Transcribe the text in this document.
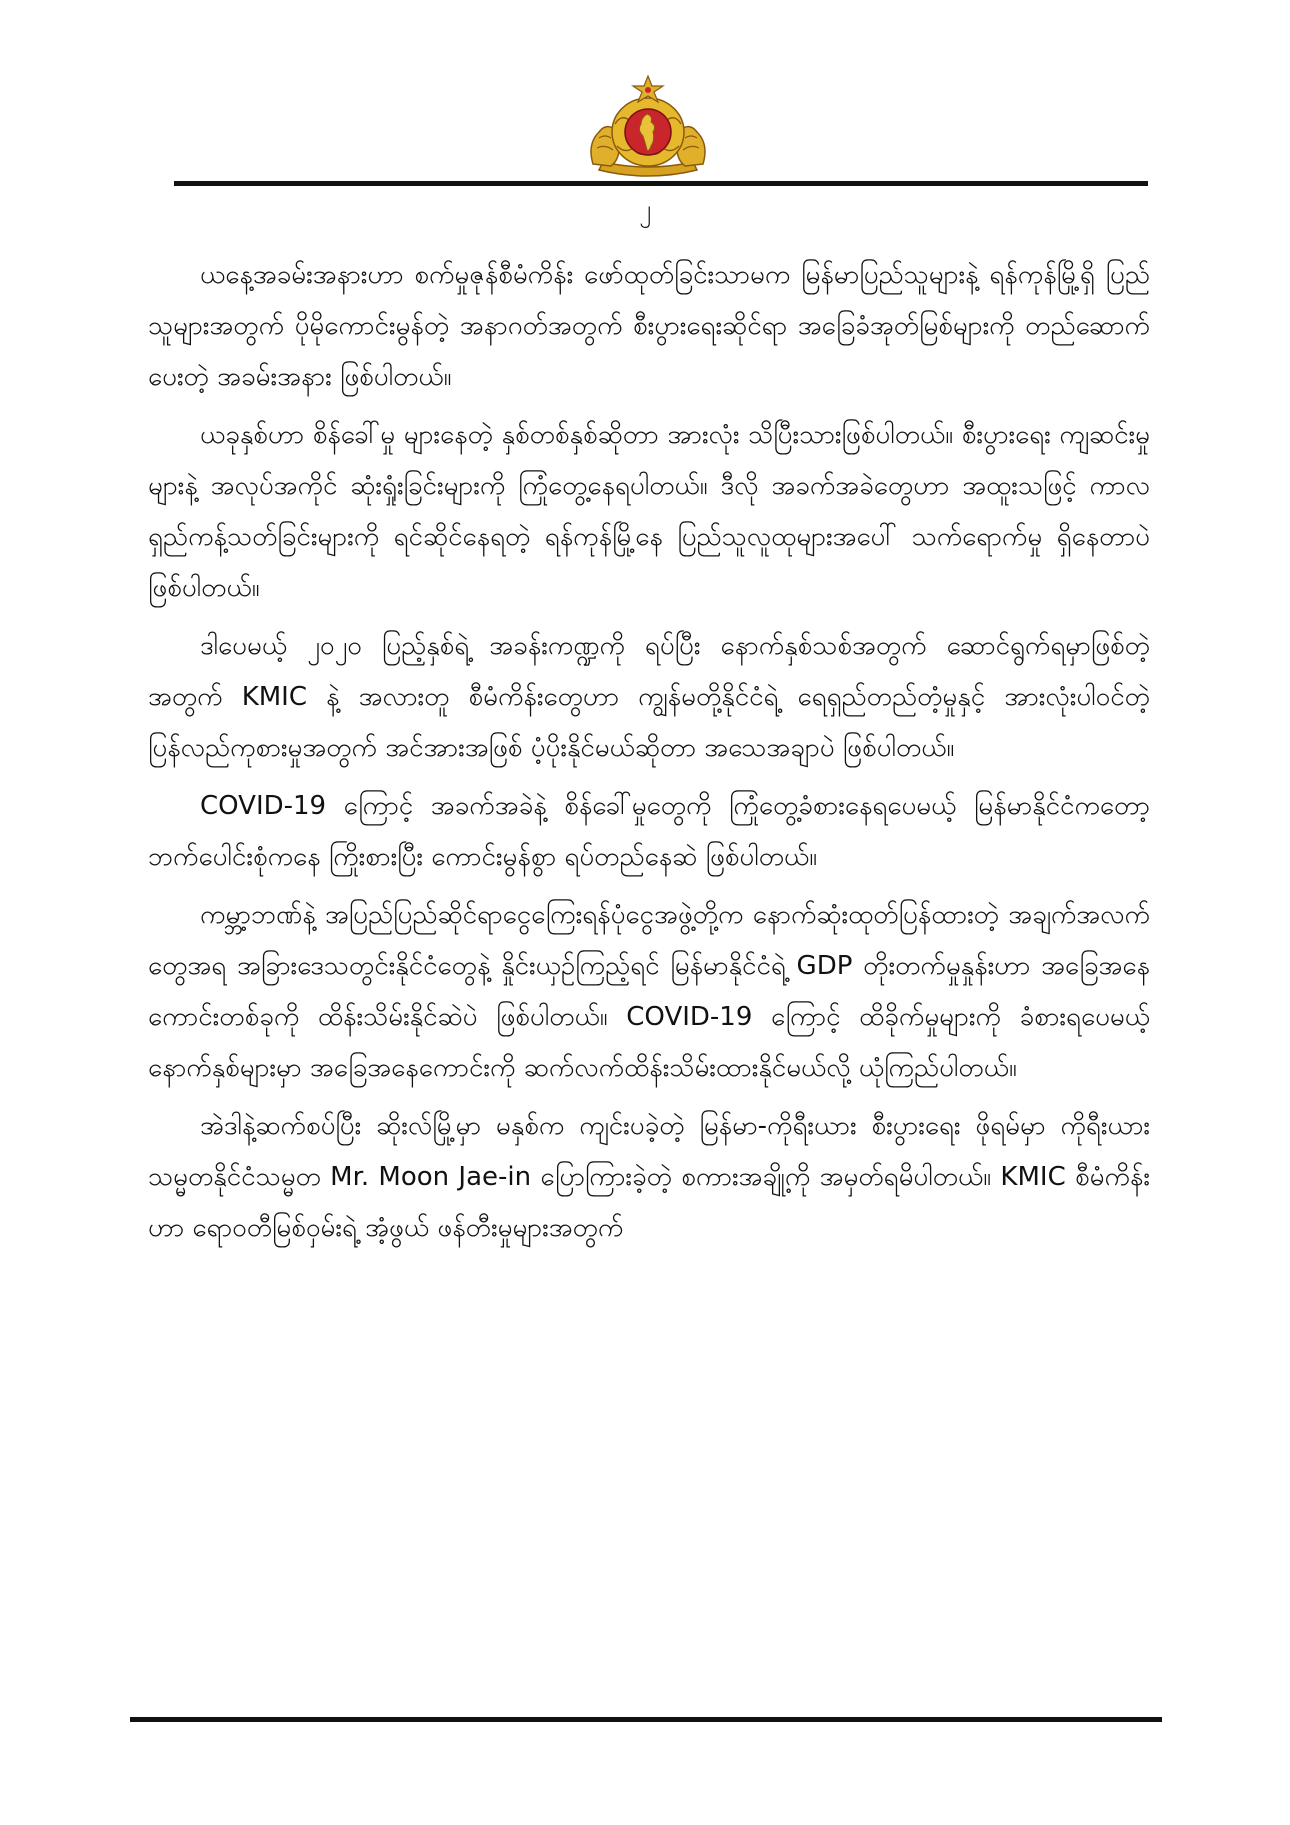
၂

ယနေ့အခမ်းအနားဟာ စက်မှုဇုန်စီမံကိန်း ဖော်ထုတ်ခြင်းသာမက မြန်မာပြည်သူများနဲ့ ရန်ကုန်မြို့ရှိ ပြည်သူများအတွက် ပိုမိုကောင်းမွန်တဲ့ အနာဂတ်အတွက် စီးပွားရေးဆိုင်ရာ အခြေခံအုတ်မြစ်များကို တည်ဆောက်ပေးတဲ့ အခမ်းအနား ဖြစ်ပါတယ်။

ယခုနှစ်ဟာ စိန်ခေါ်မှု များနေတဲ့ နှစ်တစ်နှစ်ဆိုတာ အားလုံး သိပြီးသားဖြစ်ပါတယ်။ စီးပွားရေး ကျဆင်းမှုများနဲ့ အလုပ်အကိုင် ဆုံးရှုံးခြင်းများကို ကြုံတွေ့နေရပါတယ်။ ဒီလို အခက်အခဲတွေဟာ အထူးသဖြင့် ကာလရှည်ကန့်သတ်ခြင်းများကို ရင်ဆိုင်နေရတဲ့ ရန်ကုန်မြို့နေ ပြည်သူလူထုများအပေါ် သက်ရောက်မှု ရှိနေတာပဲဖြစ်ပါတယ်။

ဒါပေမယ့် ၂၀၂၀ ပြည့်နှစ်ရဲ့ အခန်းကဏ္ဍကို ရပ်ပြီး နောက်နှစ်သစ်အတွက် ဆောင်ရွက်ရမှာဖြစ်တဲ့အတွက် KMIC နဲ့ အလားတူ စီမံကိန်းတွေဟာ ကျွန်မတို့နိုင်ငံရဲ့ ရေရှည်တည်တံ့မှုနှင့် အားလုံးပါဝင်တဲ့ ပြန်လည်ကုစားမှုအတွက် အင်အားအဖြစ် ပံ့ပိုးနိုင်မယ်ဆိုတာ အသေအချာပဲ ဖြစ်ပါတယ်။

COVID-19 ကြောင့် အခက်အခဲနဲ့ စိန်ခေါ်မှုတွေကို ကြုံတွေ့ခံစားနေရပေမယ့် မြန်မာနိုင်ငံကတော့ ဘက်ပေါင်းစုံကနေ ကြိုးစားပြီး ကောင်းမွန်စွာ ရပ်တည်နေဆဲ ဖြစ်ပါတယ်။

ကမ္ဘာ့ဘဏ်နဲ့ အပြည်ပြည်ဆိုင်ရာငွေကြေးရန်ပုံငွေအဖွဲ့တို့က နောက်ဆုံးထုတ်ပြန်ထားတဲ့ အချက်အလက်တွေအရ အခြားဒေသတွင်းနိုင်ငံတွေနဲ့ နှိုင်းယှဉ်ကြည့်ရင် မြန်မာနိုင်ငံရဲ့ GDP တိုးတက်မှုနှုန်းဟာ အခြေအနေကောင်းတစ်ခုကို ထိန်းသိမ်းနိုင်ဆဲပဲ ဖြစ်ပါတယ်။ COVID-19 ကြောင့် ထိခိုက်မှုများကို ခံစားရပေမယ့် နောက်နှစ်များမှာ အခြေအနေကောင်းကို ဆက်လက်ထိန်းသိမ်းထားနိုင်မယ်လို့ ယုံကြည်ပါတယ်။

အဲဒါနဲ့ဆက်စပ်ပြီး ဆိုးလ်မြို့မှာ မနှစ်က ကျင်းပခဲ့တဲ့ မြန်မာ-ကိုရီးယား စီးပွားရေး ဖိုရမ်မှာ ကိုရီးယားသမ္မတနိုင်ငံသမ္မတ Mr. Moon Jae-in ပြောကြားခဲ့တဲ့ စကားအချို့ကို အမှတ်ရမိပါတယ်။ KMIC စီမံကိန်းဟာ ရောဝတီမြစ်ဝှမ်းရဲ့ အံ့ဖွယ် ဖန်တီးမှုများအတွက်
